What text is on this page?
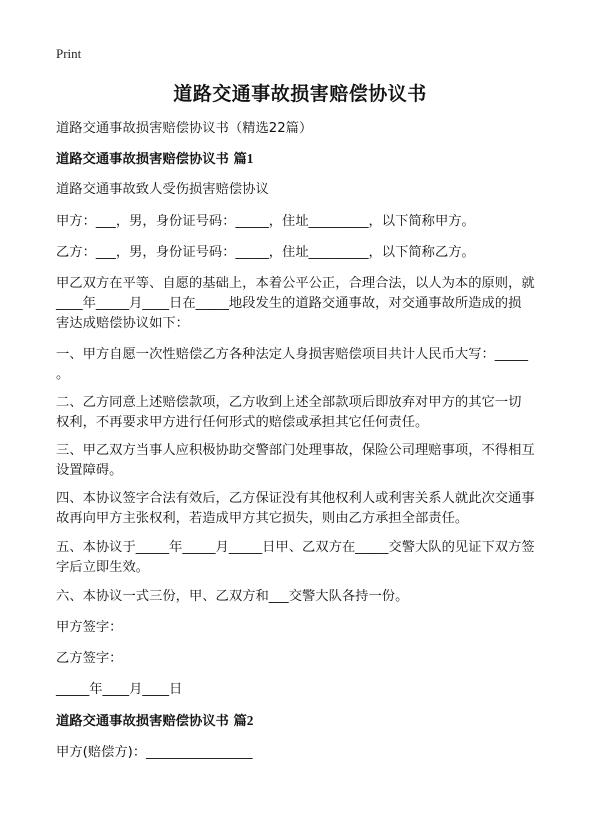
Print
道路交通事故损害赔偿协议书

道路交通事故损害赔偿协议书（精选22篇）

道路交通事故损害赔偿协议书 篇1

道路交通事故致人受伤损害赔偿协议

甲方：___，男，身份证号码：_____，住址_________，以下简称甲方。

乙方：___，男，身份证号码：_____，住址_________，以下简称乙方。

甲乙双方在平等、自愿的基础上，本着公平公正，合理合法，以人为本的原则，就

____年_____月____日在_____地段发生的道路交通事故，对交通事故所造成的损

害达成赔偿协议如下：

一、甲方自愿一次性赔偿乙方各种法定人身损害赔偿项目共计人民币大写：_____

。

二、乙方同意上述赔偿款项，乙方收到上述全部款项后即放弃对甲方的其它一切

权利，不再要求甲方进行任何形式的赔偿或承担其它任何责任。

三、甲乙双方当事人应积极协助交警部门处理事故，保险公司理赔事项，不得相互

设置障碍。

四、本协议签字合法有效后，乙方保证没有其他权利人或利害关系人就此次交通事

故再向甲方主张权利，若造成甲方其它损失，则由乙方承担全部责任。

五、本协议于_____年_____月_____日甲、乙双方在_____交警大队的见证下双方签

字后立即生效。

六、本协议一式三份，甲、乙双方和___交警大队各持一份。

甲方签字：

乙方签字：

_____年____月____日

道路交通事故损害赔偿协议书 篇2

甲方(赔偿方)：________________
